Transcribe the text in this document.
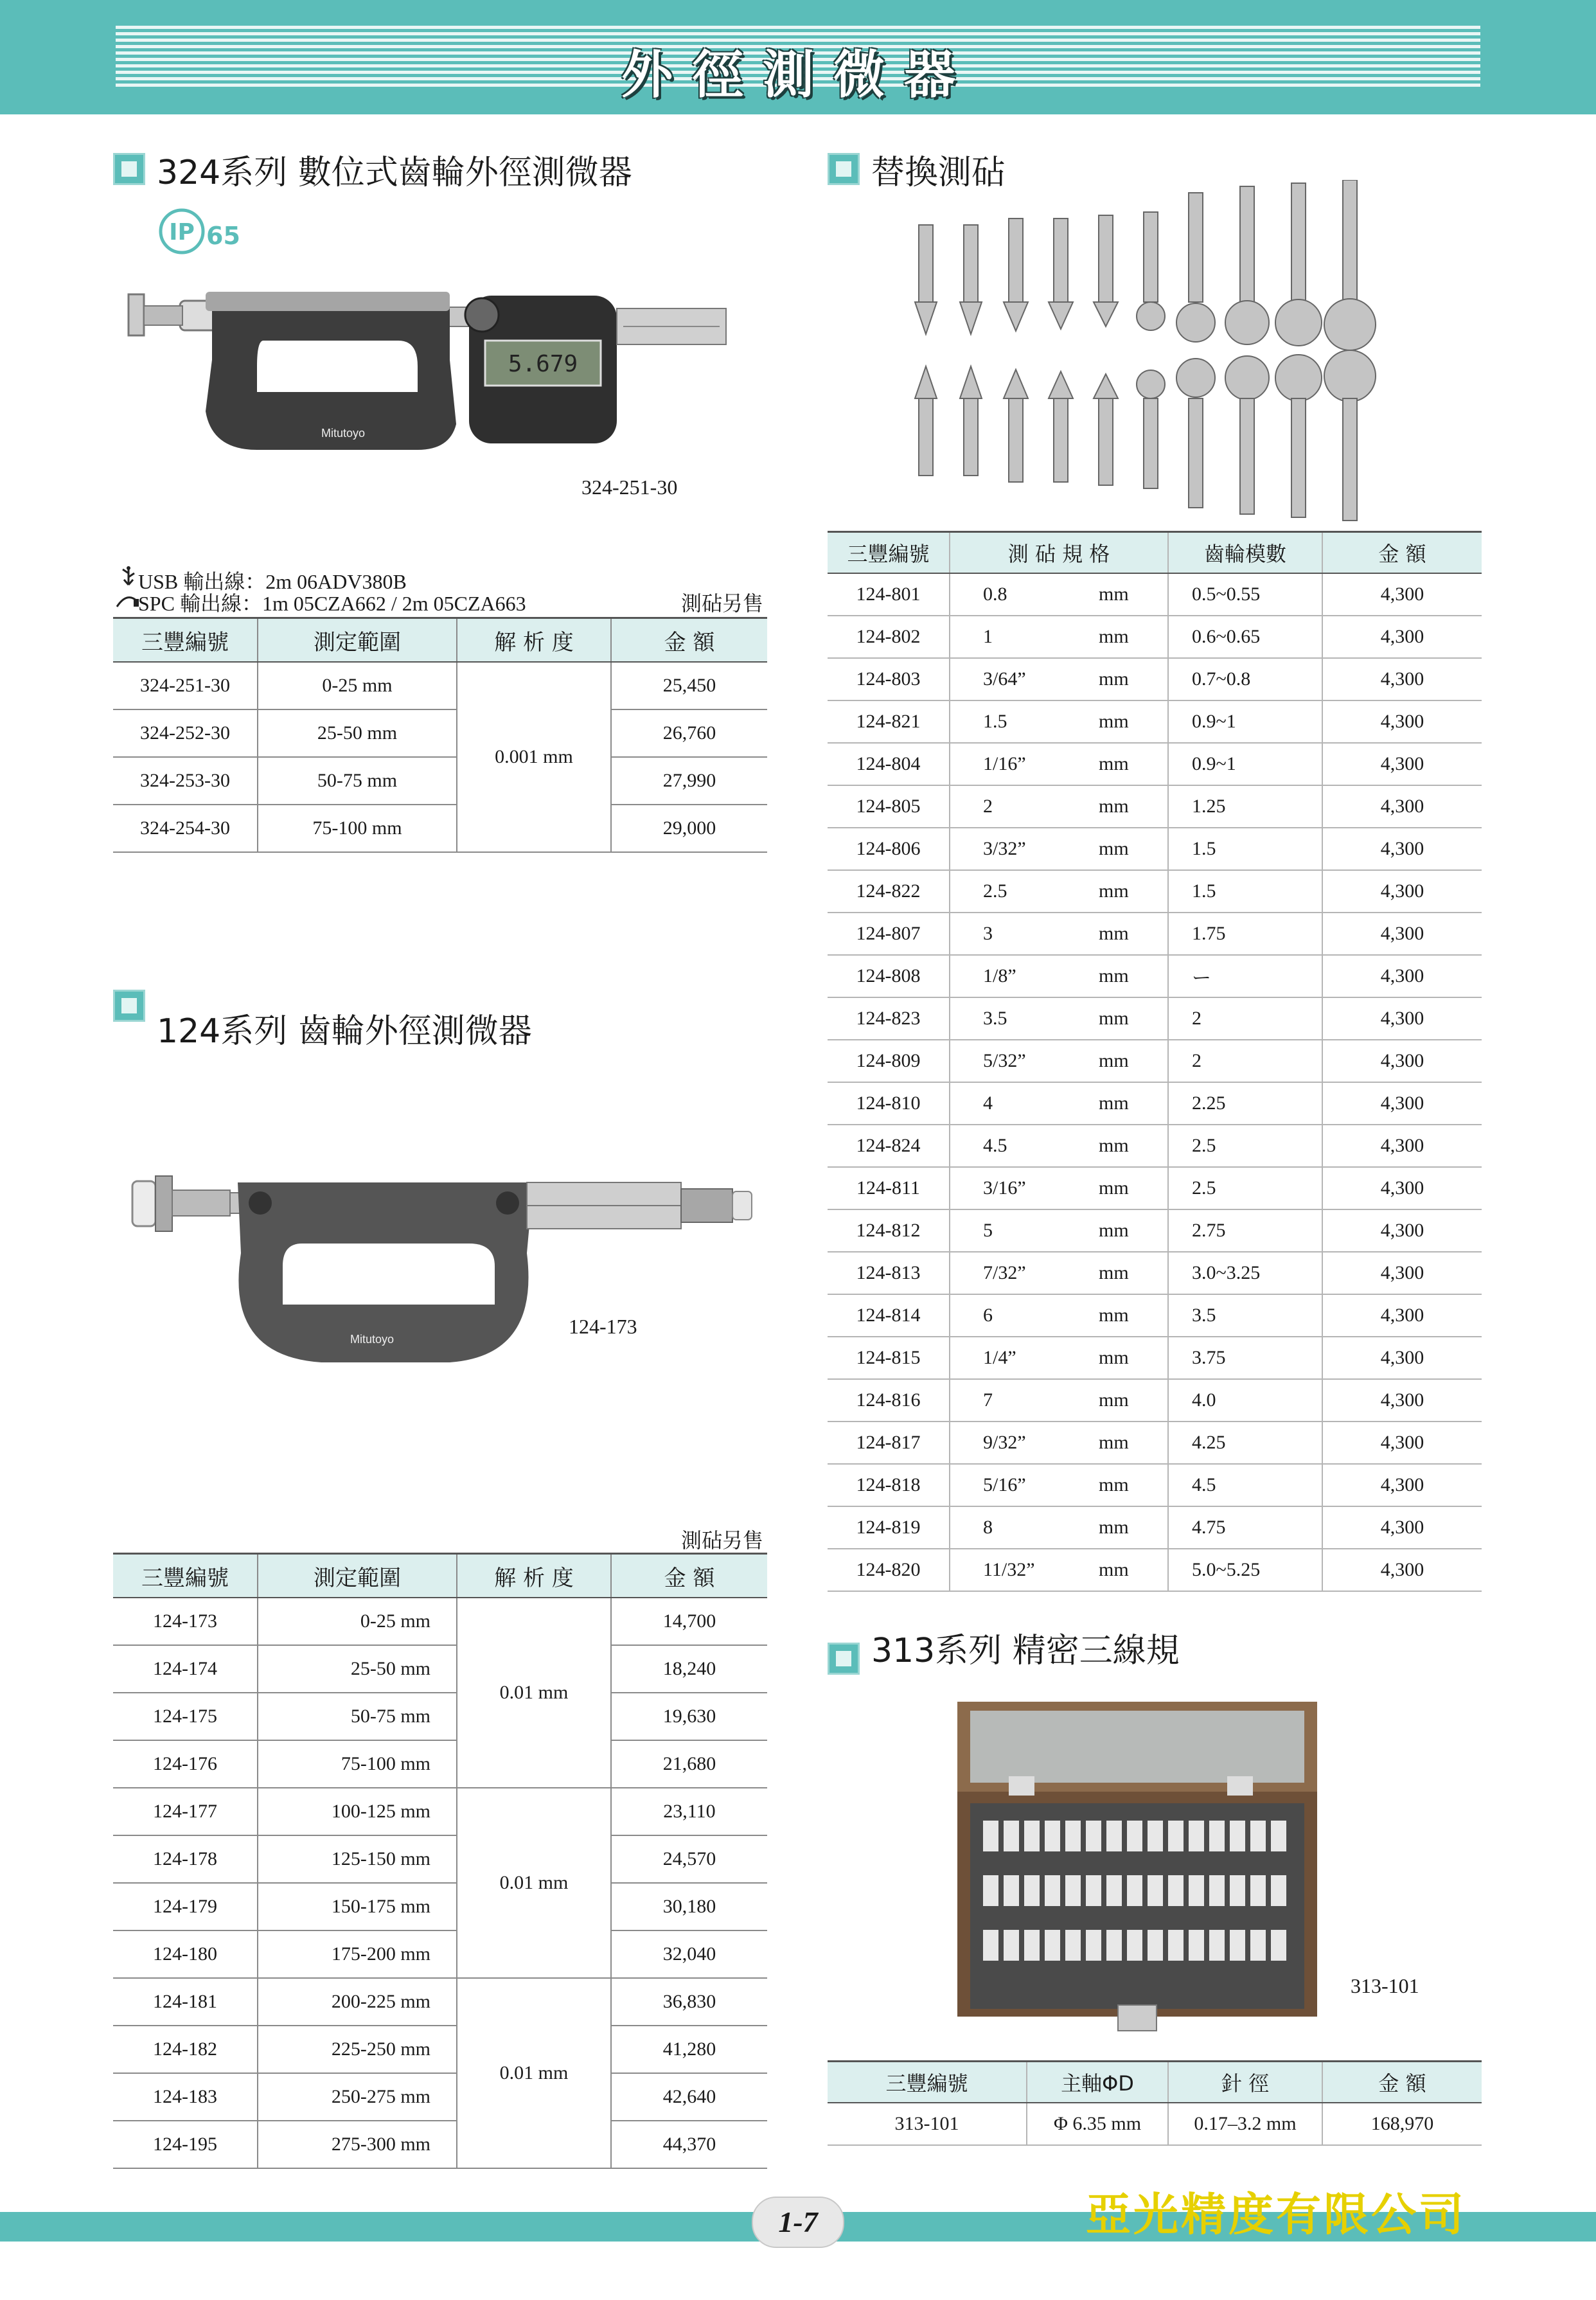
外徑測微器
324系列 數位式齒輪外徑測微器
IP 65
5.679
Mitutoyo
324-251-30
USB 輸出線：2m 06ADV380B
SPC 輸出線：1m 05CZA662 / 2m 05CZA663	測砧另售
三豐編號	測定範圍	解 析 度	金 額
324-251-30	0-25 mm	0.001 mm	25,450
324-252-30	25-50 mm		26,760
324-253-30	50-75 mm		27,990
324-254-30	75-100 mm		29,000
124系列 齒輪外徑測微器
Mitutoyo
124-173
測砧另售
三豐編號	測定範圍	解 析 度	金 額
124-173	0-25 mm	0.01 mm	14,700
124-174	25-50 mm		18,240
124-175	50-75 mm		19,630
124-176	75-100 mm		21,680
124-177	100-125 mm	0.01 mm	23,110
124-178	125-150 mm		24,570
124-179	150-175 mm		30,180
124-180	175-200 mm		32,040
124-181	200-225 mm	0.01 mm	36,830
124-182	225-250 mm		41,280
124-183	250-275 mm		42,640
124-195	275-300 mm		44,370
替換測砧
三豐編號	測 砧 規 格	齒輪模數	金 額
124-801	0.8 mm	0.5~0.55	4,300
124-802	1 mm	0.6~0.65	4,300
124-803	3/64” mm	0.7~0.8	4,300
124-821	1.5 mm	0.9~1	4,300
124-804	1/16” mm	0.9~1	4,300
124-805	2 mm	1.25	4,300
124-806	3/32” mm	1.5	4,300
124-822	2.5 mm	1.5	4,300
124-807	3 mm	1.75	4,300
124-808	1/8” mm	ー	4,300
124-823	3.5 mm	2	4,300
124-809	5/32” mm	2	4,300
124-810	4 mm	2.25	4,300
124-824	4.5 mm	2.5	4,300
124-811	3/16” mm	2.5	4,300
124-812	5 mm	2.75	4,300
124-813	7/32” mm	3.0~3.25	4,300
124-814	6 mm	3.5	4,300
124-815	1/4” mm	3.75	4,300
124-816	7 mm	4.0	4,300
124-817	9/32” mm	4.25	4,300
124-818	5/16” mm	4.5	4,300
124-819	8 mm	4.75	4,300
124-820	11/32” mm	5.0~5.25	4,300
313系列 精密三線規
313-101
三豐編號	主軸ΦD	針 徑	金 額
313-101	Φ 6.35 mm	0.17–3.2 mm	168,970
1-7	亞光精度有限公司
